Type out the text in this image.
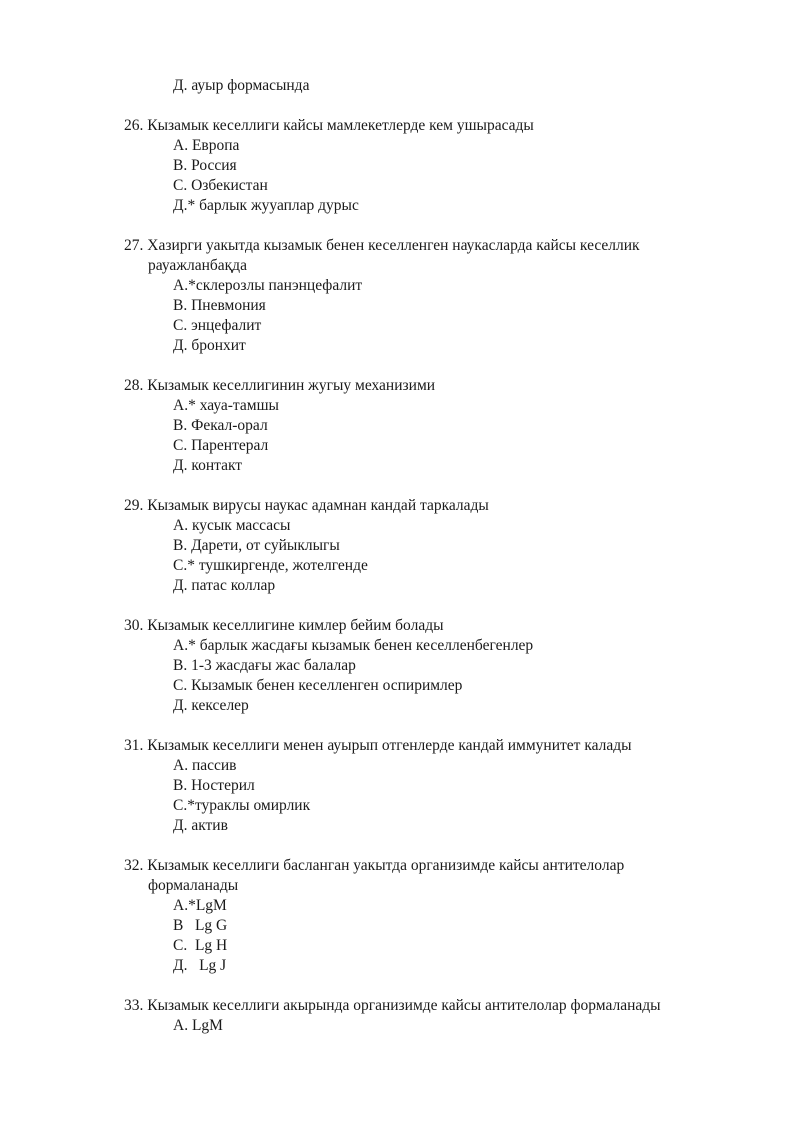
Д. ауыр формасында
26. Кызамык кеселлиги кайсы мамлекетлерде кем ушырасады
A. Европа
B. Россия
C. Озбекистан
Д.* барлык жууаплар дурыс
27. Хазирги уакытда кызамык бенен кеселленген наукасларда кайсы кеселлик
рауажланбақда
A.*склерозлы панэнцефалит
B. Пневмония
C. энцефалит
Д. бронхит
28. Кызамык кеселлигинин жугыу механизими
A.* хауа-тамшы
B. Фекал-орал
C. Парентерал
Д. контакт
29. Кызамык вирусы наукас адамнан кандай таркалады
A. кусык массасы
B. Дарети, от суйыклыгы
C.* тушкиргенде, жотелгенде
Д. патас коллар
30. Кызамык кеселлигине кимлер бейим болады
A.* барлык жасдағы кызамык бенен кеселленбегенлер
B. 1-3 жасдағы жас балалар
C. Кызамык бенен кеселленген оспиримлер
Д. кекселер
31. Кызамык кеселлиги менен ауырып отгенлерде кандай иммунитет калады
A. пассив
B. Ностерил
C.*тураклы омирлик
Д. актив
32. Кызамык кеселлиги басланган уакытда организимде кайсы антителолар
формаланады
A.*LgM
B   Lg G
C.  Lg H
Д.   Lg J
33. Кызамык кеселлиги акырында организимде кайсы антителолар формаланады
A. LgM
